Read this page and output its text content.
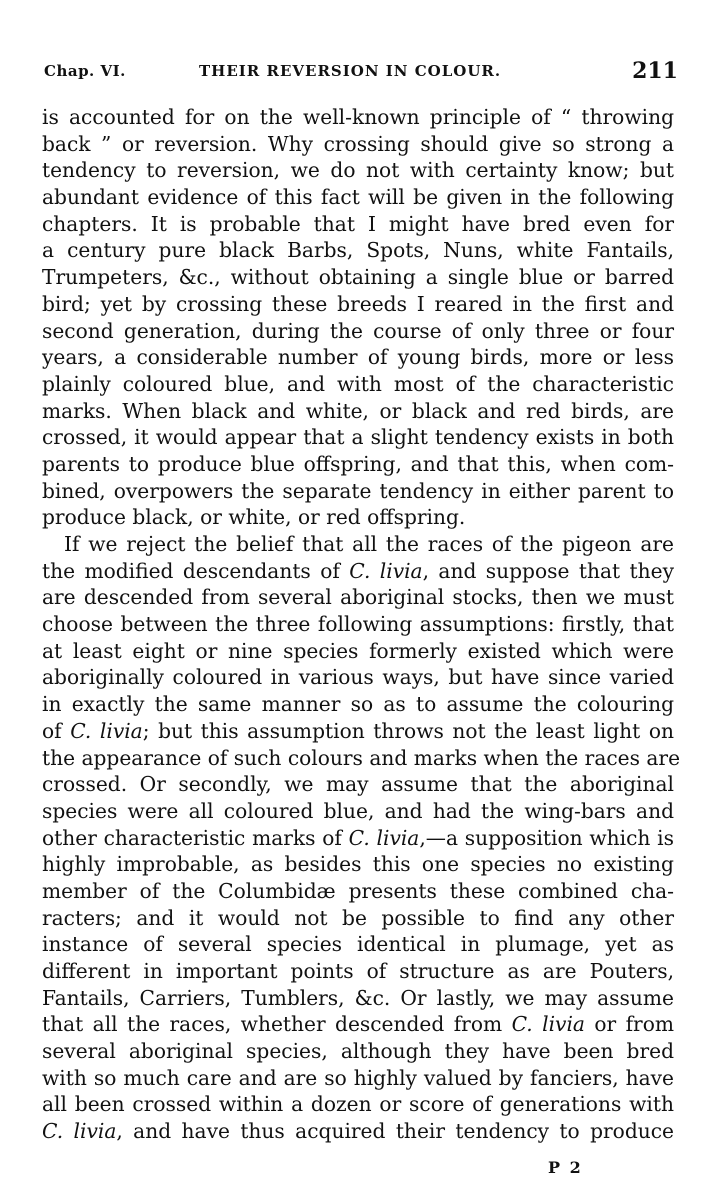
Chap. VI.	THEIR REVERSION IN COLOUR.	211
is accounted for on the well-known principle of “ throwing
back ” or reversion. Why crossing should give so strong a
tendency to reversion, we do not with certainty know; but
abundant evidence of this fact will be given in the following
chapters. It is probable that I might have bred even for
a century pure black Barbs, Spots, Nuns, white Fantails,
Trumpeters, &c., without obtaining a single blue or barred
bird; yet by crossing these breeds I reared in the first and
second generation, during the course of only three or four
years, a considerable number of young birds, more or less
plainly coloured blue, and with most of the characteristic
marks. When black and white, or black and red birds, are
crossed, it would appear that a slight tendency exists in both
parents to produce blue offspring, and that this, when com-
bined, overpowers the separate tendency in either parent to
produce black, or white, or red offspring.
If we reject the belief that all the races of the pigeon are
the modified descendants of C. livia, and suppose that they
are descended from several aboriginal stocks, then we must
choose between the three following assumptions: firstly, that
at least eight or nine species formerly existed which were
aboriginally coloured in various ways, but have since varied
in exactly the same manner so as to assume the colouring
of C. livia; but this assumption throws not the least light on
the appearance of such colours and marks when the races are
crossed. Or secondly, we may assume that the aboriginal
species were all coloured blue, and had the wing-bars and
other characteristic marks of C. livia,—a supposition which is
highly improbable, as besides this one species no existing
member of the Columbidæ presents these combined cha-
racters; and it would not be possible to find any other
instance of several species identical in plumage, yet as
different in important points of structure as are Pouters,
Fantails, Carriers, Tumblers, &c. Or lastly, we may assume
that all the races, whether descended from C. livia or from
several aboriginal species, although they have been bred
with so much care and are so highly valued by fanciers, have
all been crossed within a dozen or score of generations with
C. livia, and have thus acquired their tendency to produce
P 2
